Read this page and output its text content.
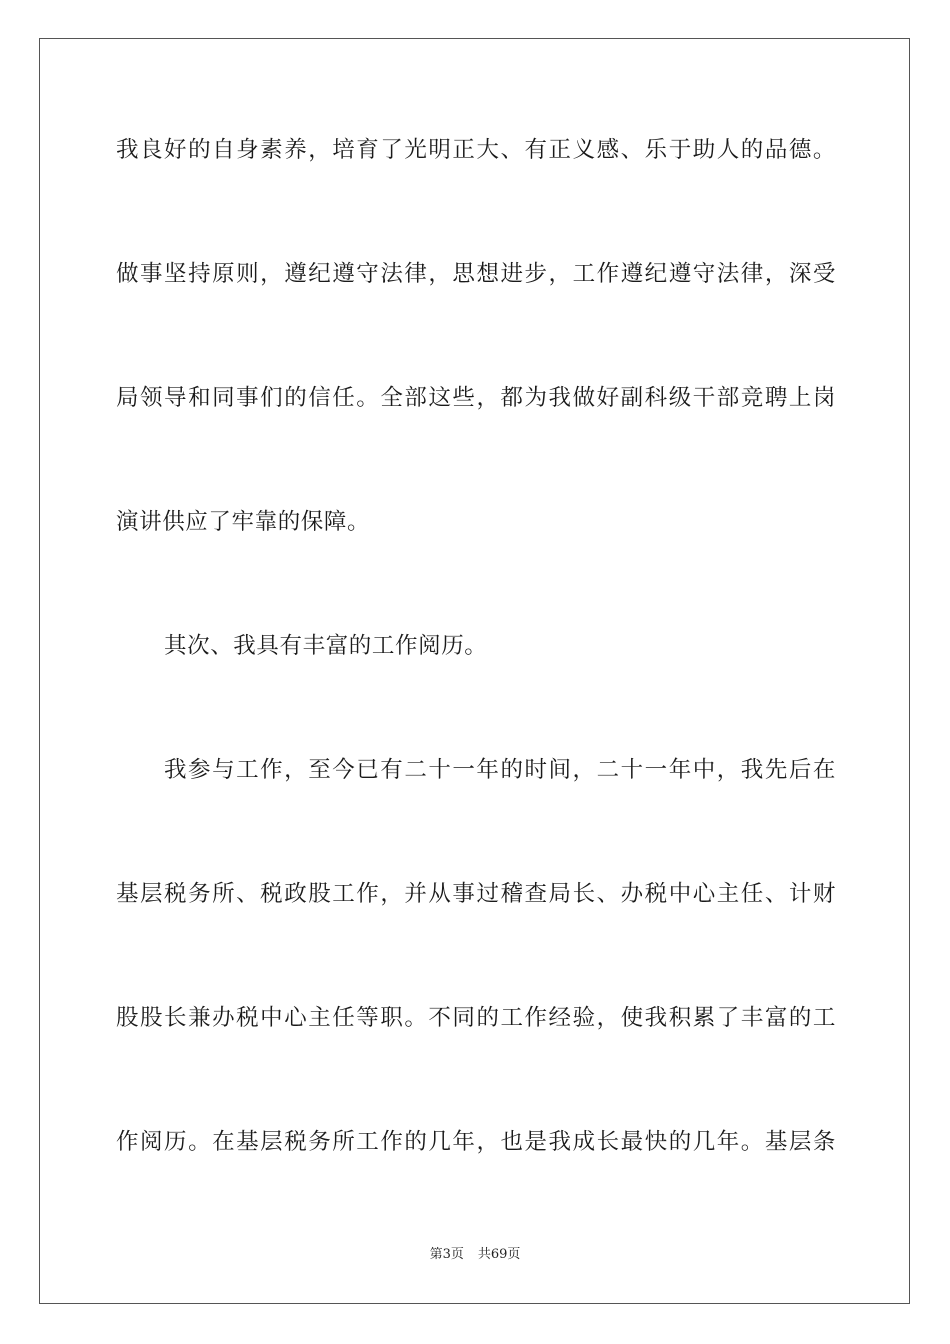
我良好的自身素养，培育了光明正大、有正义感、乐于助人的品德。
做事坚持原则，遵纪遵守法律，思想进步，工作遵纪遵守法律，深受
局领导和同事们的信任。全部这些，都为我做好副科级干部竞聘上岗
演讲供应了牢靠的保障。
其次、我具有丰富的工作阅历。
我参与工作，至今已有二十一年的时间，二十一年中，我先后在
基层税务所、税政股工作，并从事过稽查局长、办税中心主任、计财
股股长兼办税中心主任等职。不同的工作经验，使我积累了丰富的工
作阅历。在基层税务所工作的几年，也是我成长最快的几年。基层条
第3页 共69页
